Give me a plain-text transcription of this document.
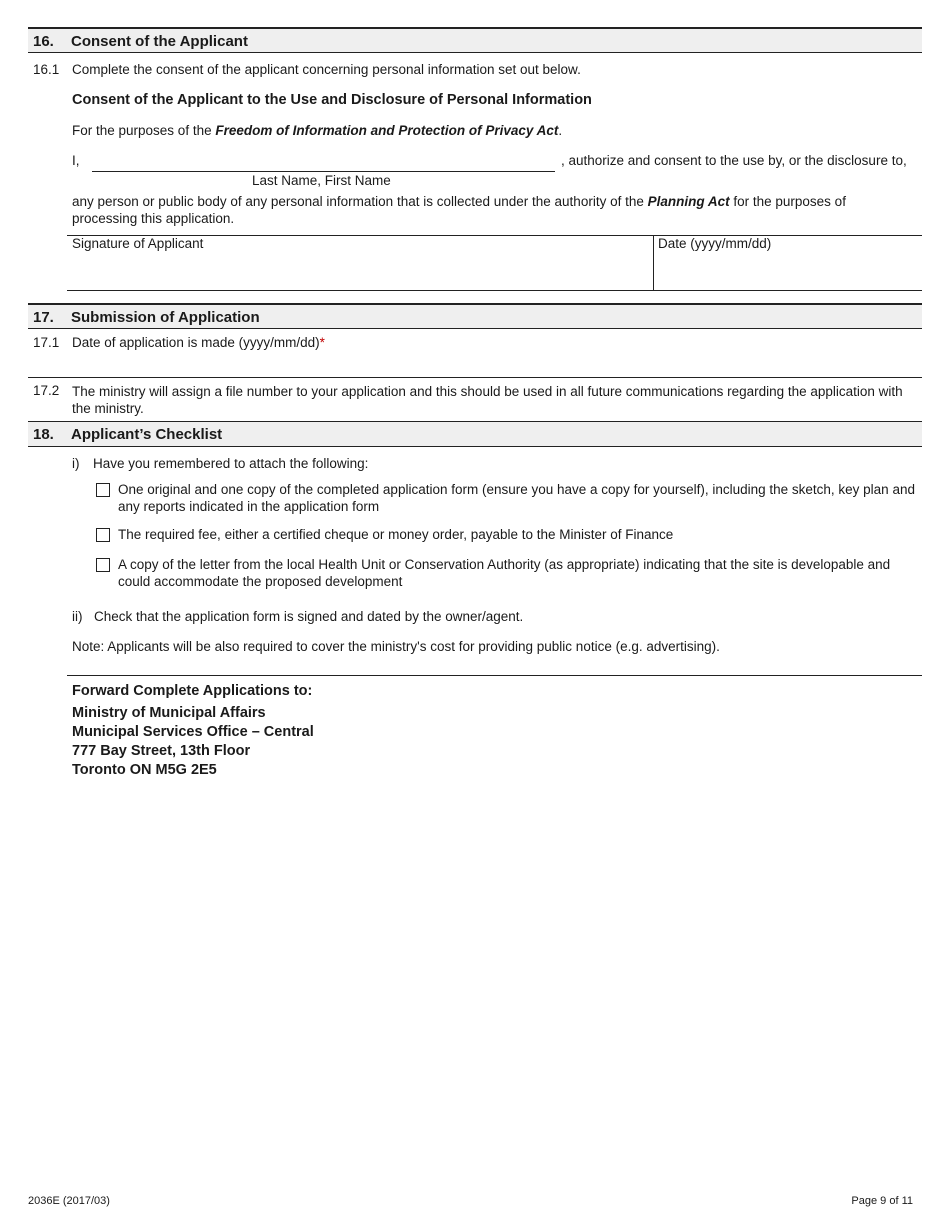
16. Consent of the Applicant
16.1 Complete the consent of the applicant concerning personal information set out below.
Consent of the Applicant to the Use and Disclosure of Personal Information
For the purposes of the Freedom of Information and Protection of Privacy Act.
I,	, authorize and consent to the use by, or the disclosure to,
Last Name, First Name
any person or public body of any personal information that is collected under the authority of the Planning Act for the purposes of processing this application.
Signature of Applicant	Date (yyyy/mm/dd)
17. Submission of Application
17.1 Date of application is made (yyyy/mm/dd)*
17.2 The ministry will assign a file number to your application and this should be used in all future communications regarding the application with the ministry.
18. Applicant’s Checklist
i) Have you remembered to attach the following:
One original and one copy of the completed application form (ensure you have a copy for yourself), including the sketch, key plan and any reports indicated in the application form
The required fee, either a certified cheque or money order, payable to the Minister of Finance
A copy of the letter from the local Health Unit or Conservation Authority (as appropriate) indicating that the site is developable and could accommodate the proposed development
ii) Check that the application form is signed and dated by the owner/agent.
Note: Applicants will be also required to cover the ministry's cost for providing public notice (e.g. advertising).
Forward Complete Applications to:
Ministry of Municipal Affairs
Municipal Services Office – Central
777 Bay Street, 13th Floor
Toronto ON M5G 2E5
2036E (2017/03)	Page 9 of 11
